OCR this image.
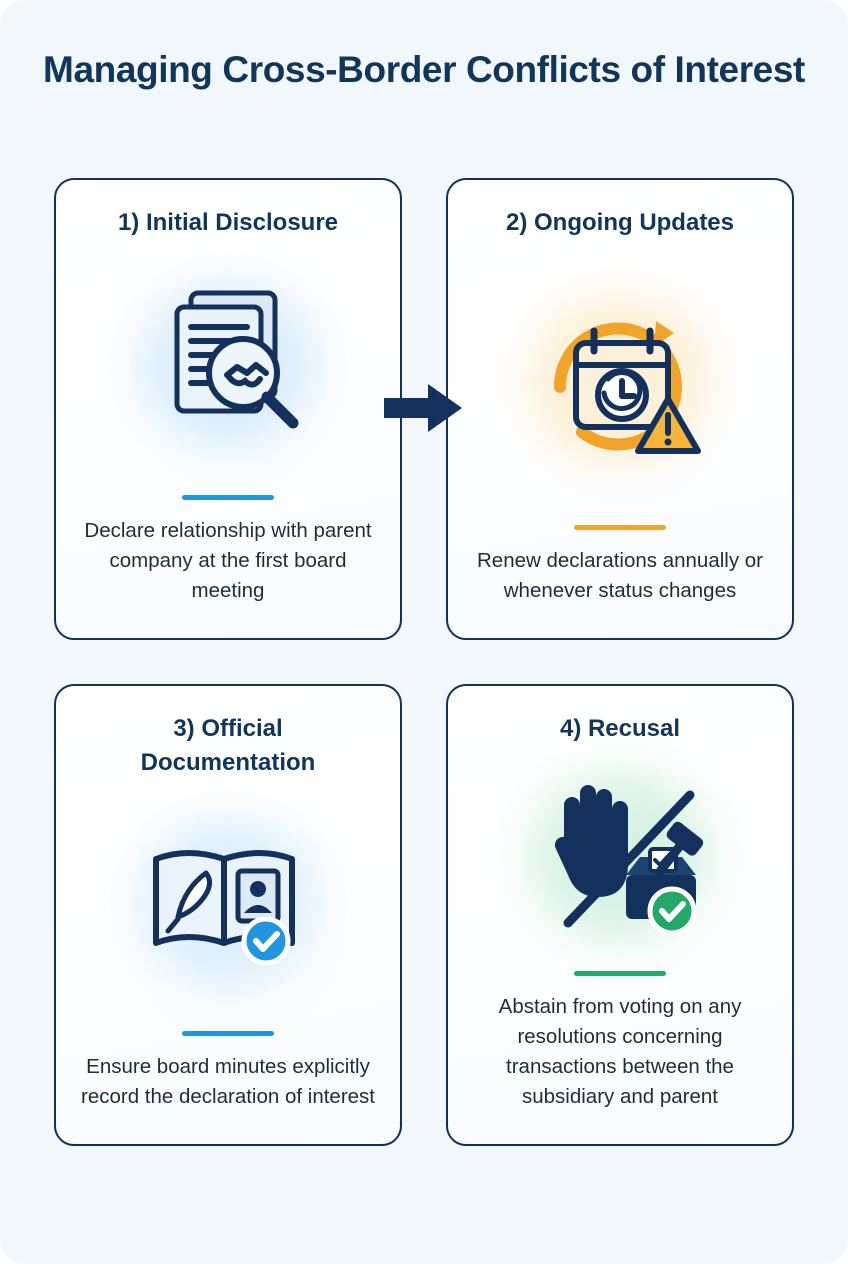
Managing Cross-Border Conflicts of Interest
1) Initial Disclosure
Declare relationship with parent company at the first board meeting
2) Ongoing Updates
Renew declarations annually or whenever status changes
3) Official Documentation
Ensure board minutes explicitly record the declaration of interest
4) Recusal
Abstain from voting on any resolutions concerning transactions between the subsidiary and parent
